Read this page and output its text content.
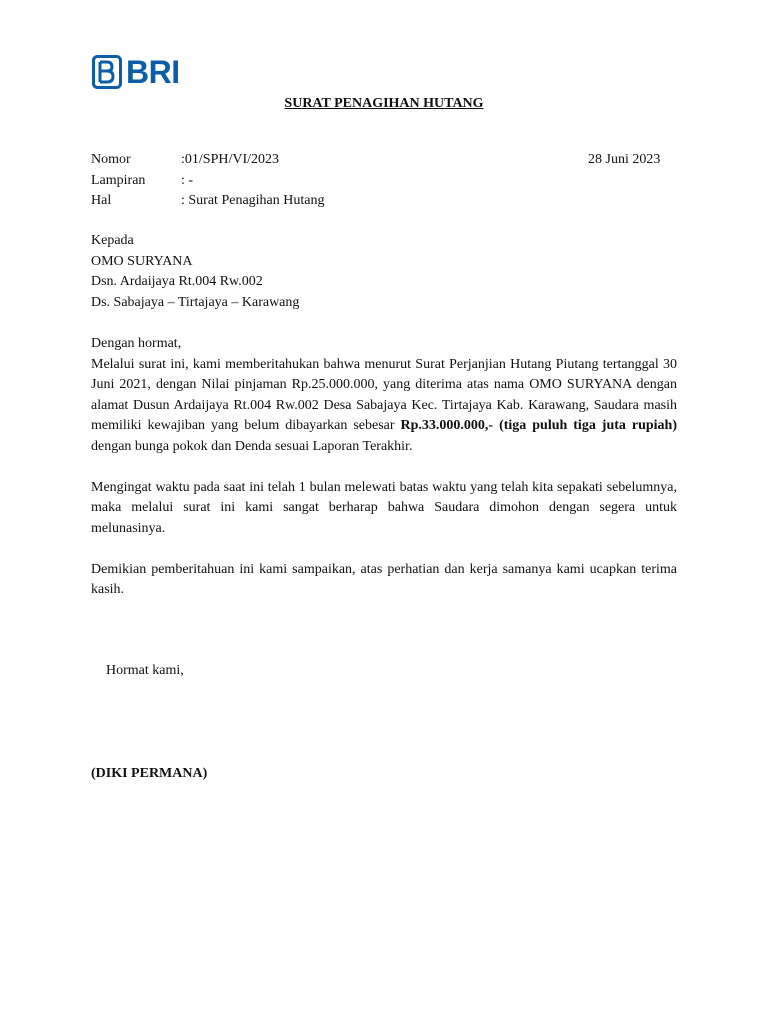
BRI
SURAT PENAGIHAN HUTANG
Nomor	:01/SPH/VI/2023
Lampiran	: -
Hal	: Surat Penagihan Hutang
28 Juni 2023
Kepada
OMO SURYANA
Dsn. Ardaijaya Rt.004 Rw.002
Ds. Sabajaya – Tirtajaya – Karawang

Dengan hormat,

Melalui surat ini, kami memberitahukan bahwa menurut Surat Perjanjian Hutang Piutang tertanggal 30 Juni 2021, dengan Nilai pinjaman Rp.25.000.000, yang diterima atas nama OMO SURYANA dengan alamat Dusun Ardaijaya Rt.004 Rw.002 Desa Sabajaya Kec. Tirtajaya Kab. Karawang, Saudara masih memiliki kewajiban yang belum dibayarkan sebesar Rp.33.000.000,- (tiga puluh tiga juta rupiah) dengan bunga pokok dan Denda sesuai Laporan Terakhir.

Mengingat waktu pada saat ini telah 1 bulan melewati batas waktu yang telah kita sepakati sebelumnya, maka melalui surat ini kami sangat berharap bahwa Saudara dimohon dengan segera untuk melunasinya.

Demikian pemberitahuan ini kami sampaikan, atas perhatian dan kerja samanya kami ucapkan terima kasih.

Hormat kami,
(DIKI PERMANA)
